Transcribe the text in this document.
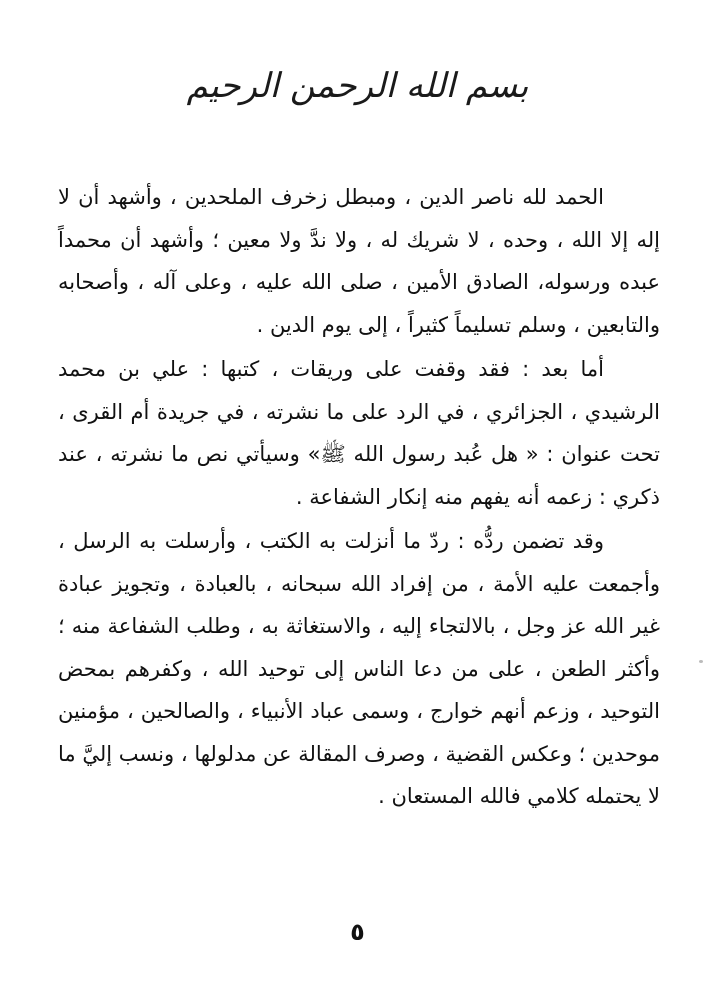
بسم الله الرحمن الرحيم

الحمد لله ناصر الدين ، ومبطل زخرف الملحدين ، وأشهد أن لا إله إلا الله ، وحده ، لا شريك له ، ولا ندَّ ولا معين ؛ وأشهد أن محمداً عبده ورسوله، الصادق الأمين ، صلى الله عليه ، وعلى آله ، وأصحابه والتابعين ، وسلم تسليماً كثيراً ، إلى يوم الدين .

أما بعد : فقد وقفت على وريقات ، كتبها : علي بن محمد الرشيدي ، الجزائري ، في الرد على ما نشرته ، في جريدة أم القرى ، تحت عنوان : « هل عُبد رسول الله ﷺ» وسيأتي نص ما نشرته ، عند ذكري : زعمه أنه يفهم منه إنكار الشفاعة .

وقد تضمن ردُّه : ردّ ما أنزلت به الكتب ، وأرسلت به الرسل ، وأجمعت عليه الأمة ، من إفراد الله سبحانه ، بالعبادة ، وتجويز عبادة غير الله عز وجل ، بالالتجاء إليه ، والاستغاثة به ، وطلب الشفاعة منه ؛ وأكثر الطعن ، على من دعا الناس إلى توحيد الله ، وكفرهم بمحض التوحيد ، وزعم أنهم خوارج ، وسمى عباد الأنبياء ، والصالحين ، مؤمنين موحدين ؛ وعكس القضية ، وصرف المقالة عن مدلولها ، ونسب إليَّ ما لا يحتمله كلامي فالله المستعان .

٥
